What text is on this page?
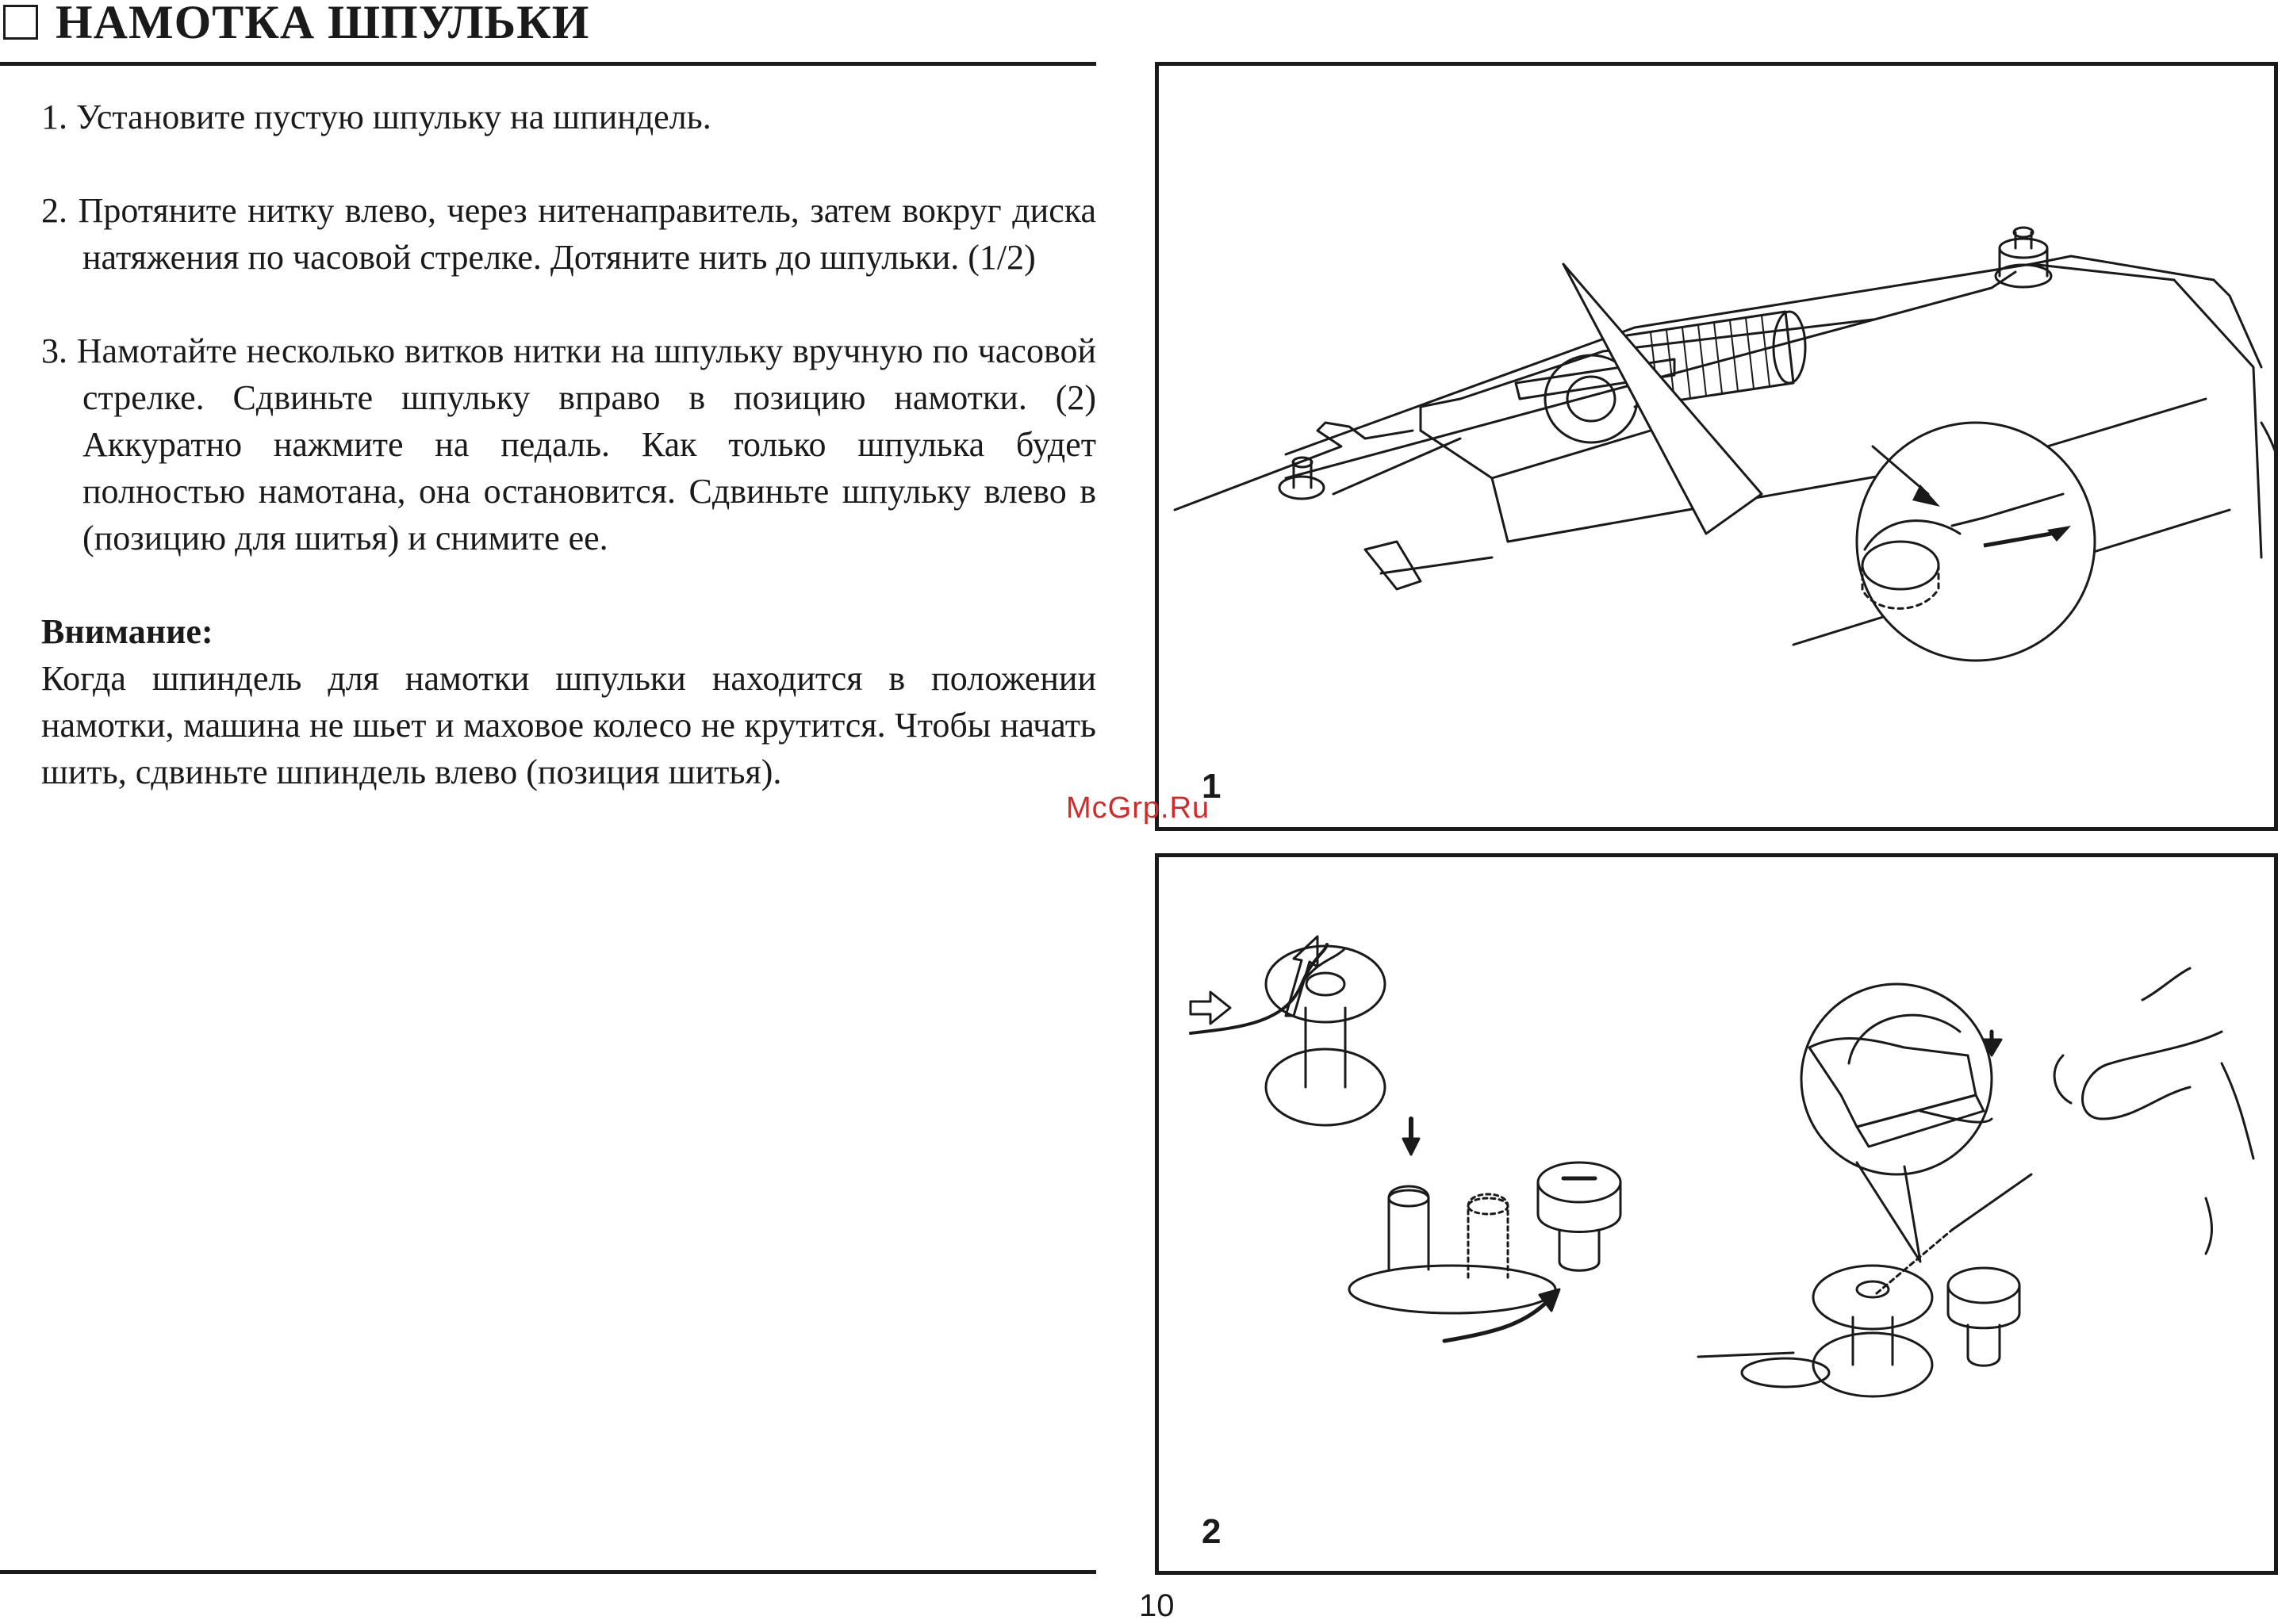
НАМОТКА ШПУЛЬКИ

1. Установите пустую шпульку на шпиндель.

2. Протяните нитку влево, через нитенаправитель, затем вокруг диска натяжения по часовой стрелке. Дотяните нить до шпульки. (1/2)

3. Намотайте несколько витков нитки на шпульку вручную по часовой стрелке. Сдвиньте шпульку вправо в позицию намотки. (2) Аккуратно нажмите на педаль. Как только шпулька будет полностью намотана, она остановится. Сдвиньте шпульку влево в (позицию для шитья) и снимите ее.

Внимание:
Когда шпиндель для намотки шпульки находится в положении намотки, машина не шьет и маховое колесо не крутится. Чтобы начать шить, сдвиньте шпиндель влево (позиция шитья).	1
2
McGrp.Ru
10
